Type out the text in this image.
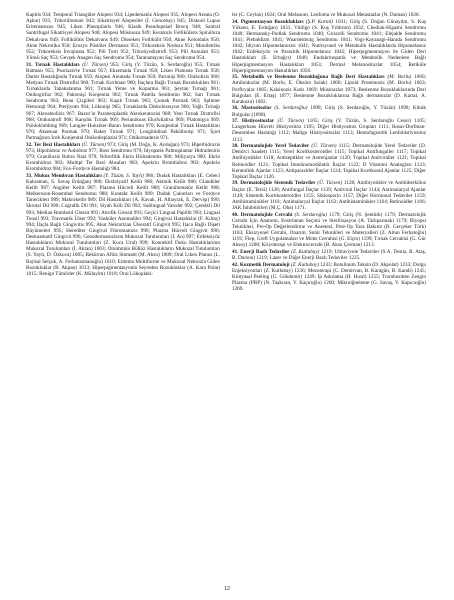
Kapitis 934; Temporal Triangüler Alopesi 934; Lipedematöz Alopesi 935; Alopesi Areata (Ö. Aşkın) 935; Trikotillomani 943; Sikatrisyel Alopesiler (İ. Gencebay) 945; Diskoid Lupus Eritematozus 945; Liken Planopilaris 946; Klasik Pseudopelad Brocq 948; Santral Santrifugal Sikatrisyel Alopesi 948; Alopesi Müsinoza 949; Keratozis Follikülaris Spinüloza Dekalvans 949; Follikülitis Dekalvans 949; Disseken Follikülit 950; Akne Keloidalis 950; Akne Nekrotika 950; Erozyo Püstüler Dermatoz 951; Trikoreksis Nodoza 951; Moniletriks 952; Trikoreksis İnvajinata 952; Pili Torti 952; Trikotiyodistrofi 953; Pili Annulati 953; Yünsü Saç 953; Gevşek Anagen Saç Sendromu 954; Taranamayan Saç Sendromu 954.

31. Tırnak Hastalıkları (Ü. Türsen) 955; Giriş (Y. Tüzün, S. Serdaroğlu) 955; Tırnak Batması 955; Psoriazis'te Tırnak 957; Ekzemada Tırnak 958; Liken Planusta Tırnak 958; Darier Hastalığında Tırnak 959; Alopesi Areatada Tırnak 959; Paronişi 960; Onikolizis 960; Medyan Tırnak Distrofisi 960; Tırnak Kırılması 960; İlaçlara Bağlı Tırnak Bozuklukları 961; Tırnaklarda Tabakalanma 961; Tırnak Yeme ve Koparma 961; Şeytan Tırnağı 961; Onikogrifoz 962; Pakionişi Konjenita 962; Tırnak Patella Sendromu 962; Sarı Tırnak Sendromu 963; Beau Çizgileri 963; Kaşık Tırnak 963; Çomak Parmak 963; Splinter Hemoraji 964; Pterjiyum 964; Lökonişi 965; Tırnaklarda Diskolorasyon 966; Yağlı Tırnağı 967; Akrosteolizis 967; Bazex'in Paraneoplastik Akrokeratozisi 968; Yeni Tırnak Distrofisi 968; Onikoatrofi 968; Karşılık Tırnak 969; Periunikoas Ekofoliativa 969; Platonişya 969; Psödoklubbing 969; Langier-Hunziker-Baran Sendromu 970; Konjenital Tırnak Hastalıkları 970; Aksesuar Parmak 970; Raket Tırnak 971; Longitüdinal Paküllonişi 971; İçsel Parmağının İcek Konjenital Onikodisplazisi 971; Onikomadezis 971.

32. Ter Bezi Hastalıkları (Ü. Türsen) 973; Giriş (M. Doğu, K. Aydoğan) 973; Hiperhidrozis 973; Hipohidroz ve Anhidroz 977; Ross Sendromu 979; İdyopatik Palmoplantar Hidradenitis 979; Granülozis Rubra Nazi 979; Nötrofilik Ekrin Hidradenitis 980; Miliyarya 980; Ekrin Kromhidroz 983; Multipl Ter Bezi Absaları 983; Apokrin Bromhidroz 983; Apokrin Kromhidroz 984; Fox-Fordyce Hastalığı 984.

33. Mukoz Membran Hastalıkları (Y. Tüzün, S. Yaylı) 986; Dudak Hastalıkları (E. Cebeci Kahraman, S. Savaş Erdoğan) 986; Eksfolyatif Keilit 986; Aktinik Keilit 986; Glandüler Keilit 987; Angüler Keilit 987; Plazma Hücreli Keilit 988; Granülomatöz Keilit 988; Melkersson-Rosenthal Sendromu 988; Kontakt Keilit 989; Dudak Çukurları ve Fordyce Taneciklerı 989; Makrokeilit 989; Dil Hastalıkları (A. Kavak, H. Albayrak, E. Dervişı) 990; Skrotal Dil 990; Coğrafik Dil 991; Siyah Kıllı Dil 992; Sublingual Varisler 992; Çentikli Dil 993; Median Romboid Glossit 993; Atrofik Glossit 993; Geçici Lingual Papillit 993; Lingual Tonsil 993; Travmatik Ülser 993; Vasküler Anomaliler 994; Gingival Hastalıklar (F. Kılınç) 994; İlaçla Bağlı Gingivitis 995; Akut Nekrotizan Ülseratif Gingivit 995; İlaca Bağlı Dişeti Büyümeleri 995; Herediter Gingival Fibromatozis 996; Plazma Hücreli Gingivit 996; Deskuamatif Gingivit 996; Genodermatozların Mukozal Tutulumları (İ. An) 997; Enfeksiyöz Hastalıkların Mukozal Tutulumları (Z. Koca Ural) 999; Konnektif Doku Hastalıklarının Mukozal Tutulumları (İ. Aktan) 1003; Otoimmün Büllöz Hastalıkların Mukozal Tutulumları (S. Yaylı, D. Özkoca) 1005; Rekürran Aftöz Stomatit (M. Aksu) 1009; Oral Liken Planus (L. Baykal Selçuk, A. Ferhatosmanoğlu) 1010; Eritema Multiforme ve Mukozal Nekrozla Giden Bozukluklar (B. Akpan) 1013; Hiperpigmentasyonla Seyreden Bozukluklar (A. Kara Polat) 1015; Benign Tümörler (K. Mülayim) 1018; Oral Lökoplaki-

ler (C. Ceylan) 1024; Oral Melanom, Lenfoma ve Mukozal Metastazlar (N. Duman) 1028.

34. Pigmentasyon Bozuklukları (Ş.P. Kartal) 1031; Giriş (S. Doğan Günaydın, S. Kuş Yüksen, E. Erdoğan) 1031; Vitiligo (S. Kuş Yıldırım) 1032; Chediak-Higashi Sendromu 1040; Hermansky-Pudlak Sendromu 1040; Griscelli Sendromu 1041; Elejalde Sendromu 1041; Piebaldizm 1041; Waardenburg Sendromu 1041; Vogt-Kayanagi-Harada Sendromu 1042; İdiyom Hipomelanozisi 1041; Nutrisyonel ve Metabolik Hastalıklarda Hipomelanoz 1042; Enfeksiyöz ve Parazitik Hipomelanoz 1045; Hiperpigmentasyon ile Giden Deri Hastalıkları (E. Erbağcı) 1048; Endokrinopatik ve Metabolik Nedenlere Bağlı Hiperpigmentasyon Hastalıkları 1051; Dermal Melanositozlar 1054; Retiküle Hiperpigmentasyon Hastalıkları 1056.

35. Metabolik ve Beslenme Bozukluğuna Bağlı Deri Hastalıkları (M. Borlu) 1060; Amiloidozlar (M. Borlu, E. Öksüm Solak) 1060; Lipoid Proteinozis (M. Borlu) 1063; Porfiryalar 1065; Kalsinozis Kutis 1069; Müsinozlar 1073; Beslenme Bozukluklarında Deri Bulguları (E. Ertaş) 1077; Beslenme Bozukluklarına Bağlı dermatozlar (D. Kartal, A. Karakuzu) 1082.

36. Mastositozlar (S. Serdaroğlu) 1098; Giriş (S. Serdaroğlu, Y. Tüzün) 1098; Klinik Bulgular (1098).

37. Histiyositozlar (Ü. Türsen) 1105; Giriş (Y. Tüzün, S. Serdaroğlu Cesur) 1105; Langerhans Hücreli Histiyositoz 1105; Diğer Histiyositoz Grupları 1111; Rosai-Dorfman-Destombes Hastalığı 1112; Malign Histiyositozlar 1113; Hemofagositik Lenfohistiyositoz 1113.

38. Dermatolojide Yerel Tedaviler (Ü. Türsen) 1115; Dermatolojide Yerel Tedaviler (D. Demirci Saadet) 1115; Yerel Kortikosteroidler 1115; Topikal Antifungaller 1117; Topikal Antibiyotikler 1118; Antiseptikler ve Astrenjanlar 1120; Topikal Antiviraller 1121; Topikal Retinoidler 1121; Topikal İmmünomodülatör İlaçlar 1122; D Vitamini Analogları 1123; Keratolitik Ajanlar 1123; Antiparazitler İlaçlar 1124; Topikal Kortikonid Ajanlar 1125; Diğer Topikal İlaçlar 1126.

39. Dermatolojide Sistemik Tedaviler (Ü. Türsen) 1128; Antibiyotikler ve Antitüberküloz İlaçlar (E. Terzi) 1128; Antifungal İlaçlar 1139; Antiviral İlaçlar 1144; Antimalaryal Ajanlar 1149; Sistemik Kortikosteroidler 1155; Siklosporin 1157; Diğer Hormonal Tedaviler 1159; Antihistaminikler 1161; Antimalaryal İlaçlar 1162; Antihistaminikler 1164; Retinoidler 1166; JAK İnhibitörleri (M.Ç. Oba) 1171.

40. Dermatolojide Cerrahi (S. Serdaroğlu) 1179; Giriş (N. Şentürk) 1179; Dermatolojik Cerrahi İçin Anatomi, Enstrüman Seçimi ve Sterilizasyon (A. Tatlıparmak) 1179; Biyopsi Teknikleri, Pre-Op Değerlendirme ve Anestezi, Post-Op Yara Bakımı (B. Gerçeker Türk) 1183; Eksizyonel Cerrahi, Onarım, Sutür Teknikleri ve Materyalleri (Z. Altun Ferhatoğlu) 1191; Flep, Greft Uygulamaları ve Mohs Cerrahisi (G. Elçin) 1199; Tırnak Cerrahisi (G. Gür Aksoy) 1208; Kriyoterapi ve Elektrocerrahi (B. Aksu Çerman) 1213.

41. Enerji Bazlı Tedaviler (Z. Kutlubay) 1219; Ultraviyole Tedaviler (S.A. Temiz, R. Ataş, B. Dursun) 1219; Lazer ve Diğer Enerji Bazlı Tedaviler 1225.

42. Kozmetik Dermatoloji (Z. Kutlubay) 1233; Botulinum Toksin (D. Akpolat) 1233; Dolgu Enjeksiyonları (Z. Kutlubay) 1236; Mezoterapi (C. Demirvan, B. Karagün, B. Kandi) 1245; Kimyasal Peeling (G. Gökdemir) 1249; İp Askılama (H. Hızal) 1255; Trombositten Zengin Plazma (PRP) (N. Taşkıran, Y. Kaçıroğlu) 1260; Mikroiğneleme (G. Savaş, Y. Kapıcıoğlu) 1269.

12
